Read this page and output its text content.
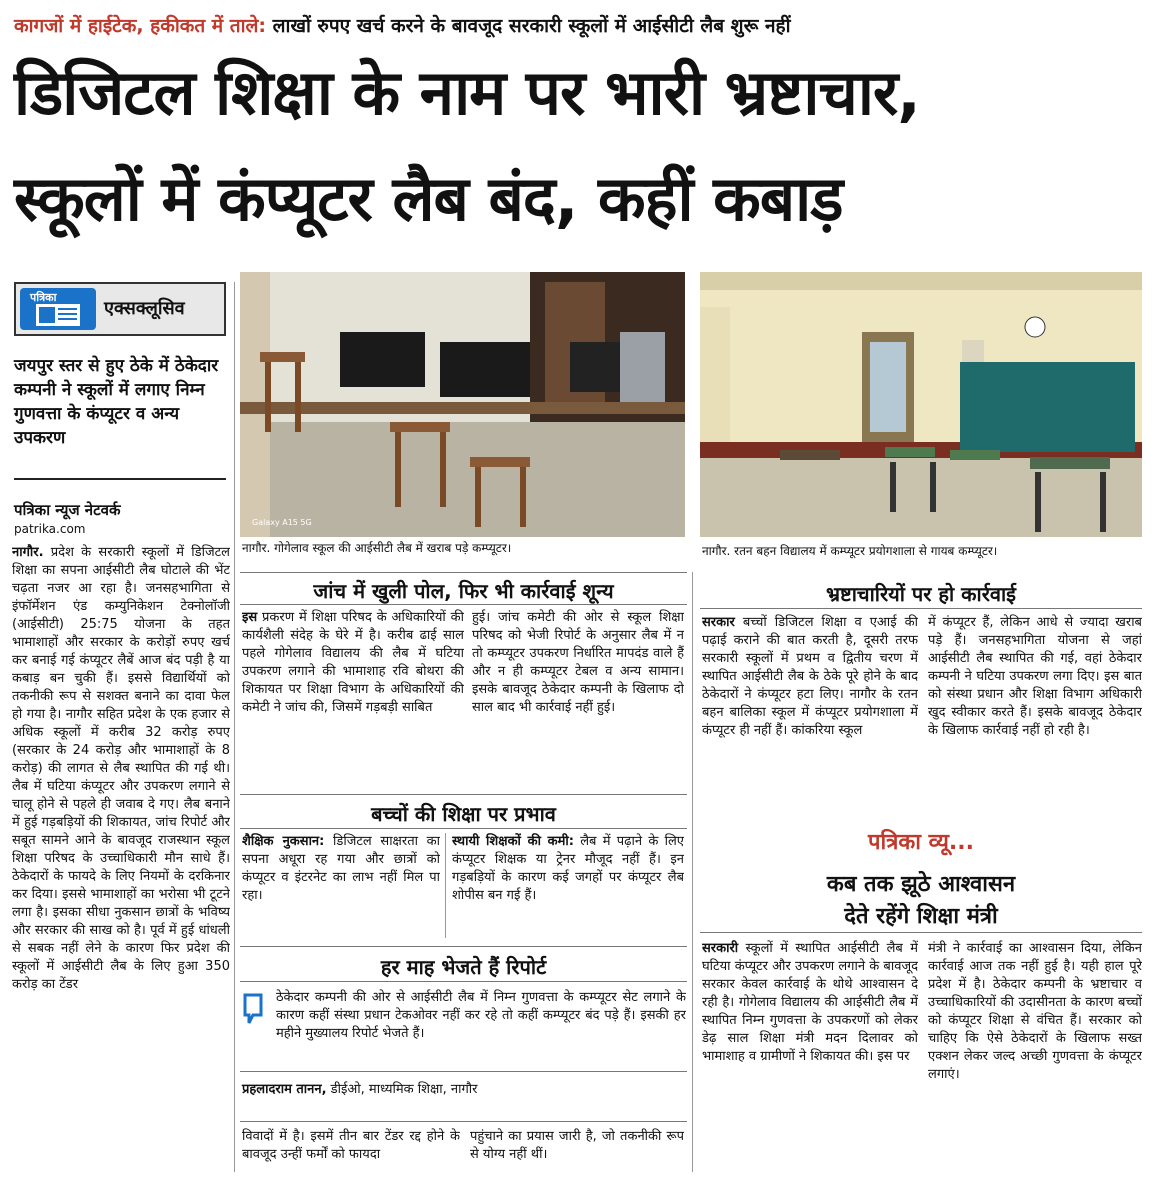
कागजों में हाईटेक, हकीकत में ताले: लाखों रुपए खर्च करने के बावजूद सरकारी स्कूलों में आईसीटी लैब शुरू नहीं
डिजिटल शिक्षा के नाम पर भारी भ्रष्टाचार,
स्कूलों में कंप्यूटर लैब बंद, कहीं कबाड़
पत्रिका
एक्सक्लूसिव
जयपुर स्तर से हुए ठेके में ठेकेदार कम्पनी ने स्कूलों में लगाए निम्न गुणवत्ता के कंप्यूटर व अन्य उपकरण
पत्रिका न्यूज नेटवर्क
patrika.com
नागौर. प्रदेश के सरकारी स्कूलों में डिजिटल शिक्षा का सपना आईसीटी लैब घोटाले की भेंट चढ़ता नजर आ रहा है। जनसहभागिता से इंफॉर्मेशन एंड कम्युनिकेशन टेक्नोलॉजी (आईसीटी) 25:75 योजना के तहत भामाशाहों और सरकार के करोड़ों रुपए खर्च कर बनाई गई कंप्यूटर लैबें आज बंद पड़ी है या कबाड़ बन चुकी हैं। इससे विद्यार्थियों को तकनीकी रूप से सशक्त बनाने का दावा फेल हो गया है। नागौर सहित प्रदेश के एक हजार से अधिक स्कूलों में करीब 32 करोड़ रुपए (सरकार के 24 करोड़ और भामाशाहों के 8 करोड़) की लागत से लैब स्थापित की गई थी। लैब में घटिया कंप्यूटर और उपकरण लगाने से चालू होने से पहले ही जवाब दे गए। लैब बनाने में हुई गड़बड़ियों की शिकायत, जांच रिपोर्ट और सबूत सामने आने के बावजूद राजस्थान स्कूल शिक्षा परिषद के उच्चाधिकारी मौन साधे हैं। ठेकेदारों के फायदे के लिए नियमों के दरकिनार कर दिया। इससे भामाशाहों का भरोसा भी टूटने लगा है। इसका सीधा नुकसान छात्रों के भविष्य और सरकार की साख को है। पूर्व में हुई धांधली से सबक नहीं लेने के कारण फिर प्रदेश की स्कूलों में आईसीटी लैब के लिए हुआ 350 करोड़ का टेंडर
Galaxy A15 5G
नागौर. गोगेलाव स्कूल की आईसीटी लैब में खराब पड़े कम्प्यूटर।	नागौर. रतन बहन विद्यालय में कम्प्यूटर प्रयोगशाला से गायब कम्प्यूटर।
जांच में खुली पोल, फिर भी कार्रवाई शून्य
इस प्रकरण में शिक्षा परिषद के अधिकारियों की कार्यशैली संदेह के घेरे में है। करीब ढाई साल पहले गोगेलाव विद्यालय की लैब में घटिया उपकरण लगाने की भामाशाह रवि बोथरा की शिकायत पर शिक्षा विभाग के अधिकारियों की कमेटी ने जांच की, जिसमें गड़बड़ी साबित
हुई। जांच कमेटी की ओर से स्कूल शिक्षा परिषद को भेजी रिपोर्ट के अनुसार लैब में न तो कम्प्यूटर उपकरण निर्धारित मापदंड वाले हैं और न ही कम्प्यूटर टेबल व अन्य सामान। इसके बावजूद ठेकेदार कम्पनी के खिलाफ दो साल बाद भी कार्रवाई नहीं हुई।
बच्चों की शिक्षा पर प्रभाव
शैक्षिक नुकसान: डिजिटल साक्षरता का सपना अधूरा रह गया और छात्रों को कंप्यूटर व इंटरनेट का लाभ नहीं मिल पा रहा।
स्थायी शिक्षकों की कमी: लैब में पढ़ाने के लिए कंप्यूटर शिक्षक या ट्रेनर मौजूद नहीं हैं। इन गड़बड़ियों के कारण कई जगहों पर कंप्यूटर लैब शोपीस बन गई हैं।
हर माह भेजते हैं रिपोर्ट
ठेकेदार कम्पनी की ओर से आईसीटी लैब में निम्न गुणवत्ता के कम्प्यूटर सेट लगाने के कारण कहीं संस्था प्रधान टेकओवर नहीं कर रहे तो कहीं कम्प्यूटर बंद पड़े हैं। इसकी हर महीने मुख्यालय रिपोर्ट भेजते हैं।
प्रहलादराम तानन, डीईओ, माध्यमिक शिक्षा, नागौर
विवादों में है। इसमें तीन बार टेंडर रद्द होने के बावजूद उन्हीं फर्मों को फायदा
पहुंचाने का प्रयास जारी है, जो तकनीकी रूप से योग्य नहीं थीं।
भ्रष्टाचारियों पर हो कार्रवाई
सरकार बच्चों डिजिटल शिक्षा व एआई की पढ़ाई कराने की बात करती है, दूसरी तरफ सरकारी स्कूलों में प्रथम व द्वितीय चरण में स्थापित आईसीटी लैब के ठेके पूरे होने के बाद ठेकेदारों ने कंप्यूटर हटा लिए। नागौर के रतन बहन बालिका स्कूल में कंप्यूटर प्रयोगशाला में कंप्यूटर ही नहीं हैं। कांकरिया स्कूल
में कंप्यूटर हैं, लेकिन आधे से ज्यादा खराब पड़े हैं। जनसहभागिता योजना से जहां आईसीटी लैब स्थापित की गई, वहां ठेकेदार कम्पनी ने घटिया उपकरण लगा दिए। इस बात को संस्था प्रधान और शिक्षा विभाग अधिकारी खुद स्वीकार करते हैं। इसके बावजूद ठेकेदार के खिलाफ कार्रवाई नहीं हो रही है।
पत्रिका व्यू...
कब तक झूठे आश्वासन
देते रहेंगे शिक्षा मंत्री
सरकारी स्कूलों में स्थापित आईसीटी लैब में घटिया कंप्यूटर और उपकरण लगाने के बावजूद सरकार केवल कार्रवाई के थोथे आश्वासन दे रही है। गोगेलाव विद्यालय की आईसीटी लैब में स्थापित निम्न गुणवत्ता के उपकरणों को लेकर डेढ़ साल शिक्षा मंत्री मदन दिलावर को भामाशाह व ग्रामीणों ने शिकायत की। इस पर
मंत्री ने कार्रवाई का आश्वासन दिया, लेकिन कार्रवाई आज तक नहीं हुई है। यही हाल पूरे प्रदेश में है। ठेकेदार कम्पनी के भ्रष्टाचार व उच्चाधिकारियों की उदासीनता के कारण बच्चों को कंप्यूटर शिक्षा से वंचित हैं। सरकार को चाहिए कि ऐसे ठेकेदारों के खिलाफ सख्त एक्शन लेकर जल्द अच्छी गुणवत्ता के कंप्यूटर लगाएं।
